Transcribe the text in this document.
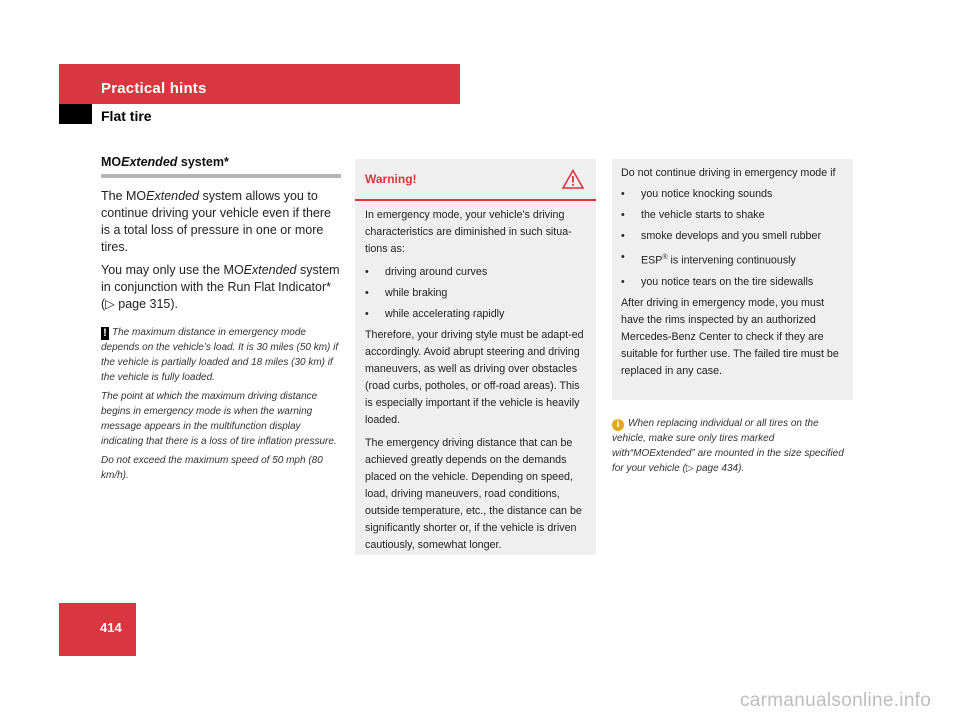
Practical hints
Flat tire
MOExtended system*

The MOExtended system allows you to continue driving your vehicle even if there is a total loss of pressure in one or more tires.

You may only use the MOExtended system in conjunction with the Run Flat Indicator* (▷ page 315).

! The maximum distance in emergency mode depends on the vehicle’s load. It is 30 miles (50 km) if the vehicle is partially loaded and 18 miles (30 km) if the vehicle is fully loaded.
The point at which the maximum driving distance begins in emergency mode is when the warning message appears in the multifunction display indicating that there is a loss of tire inflation pressure.
Do not exceed the maximum speed of 50 mph (80 km/h).
Warning!

In emergency mode, your vehicle’s driving characteristics are diminished in such situa-tions as:

• driving around curves
• while braking
• while accelerating rapidly

Therefore, your driving style must be adapt-ed accordingly. Avoid abrupt steering and driving maneuvers, as well as driving over obstacles (road curbs, potholes, or off-road areas). This is especially important if the vehicle is heavily loaded.

The emergency driving distance that can be achieved greatly depends on the demands placed on the vehicle. Depending on speed, load, driving maneuvers, road conditions, outside temperature, etc., the distance can be significantly shorter or, if the vehicle is driven cautiously, somewhat longer.

Do not continue driving in emergency mode if

• you notice knocking sounds
• the vehicle starts to shake
• smoke develops and you smell rubber
• ESP® is intervening continuously
• you notice tears on the tire sidewalls

After driving in emergency mode, you must have the rims inspected by an authorized Mercedes-Benz Center to check if they are suitable for further use. The failed tire must be replaced in any case.

i When replacing individual or all tires on the vehicle, make sure only tires marked with“MOExtended” are mounted in the size specified for your vehicle (▷ page 434).
414
carmanualsonline.info
